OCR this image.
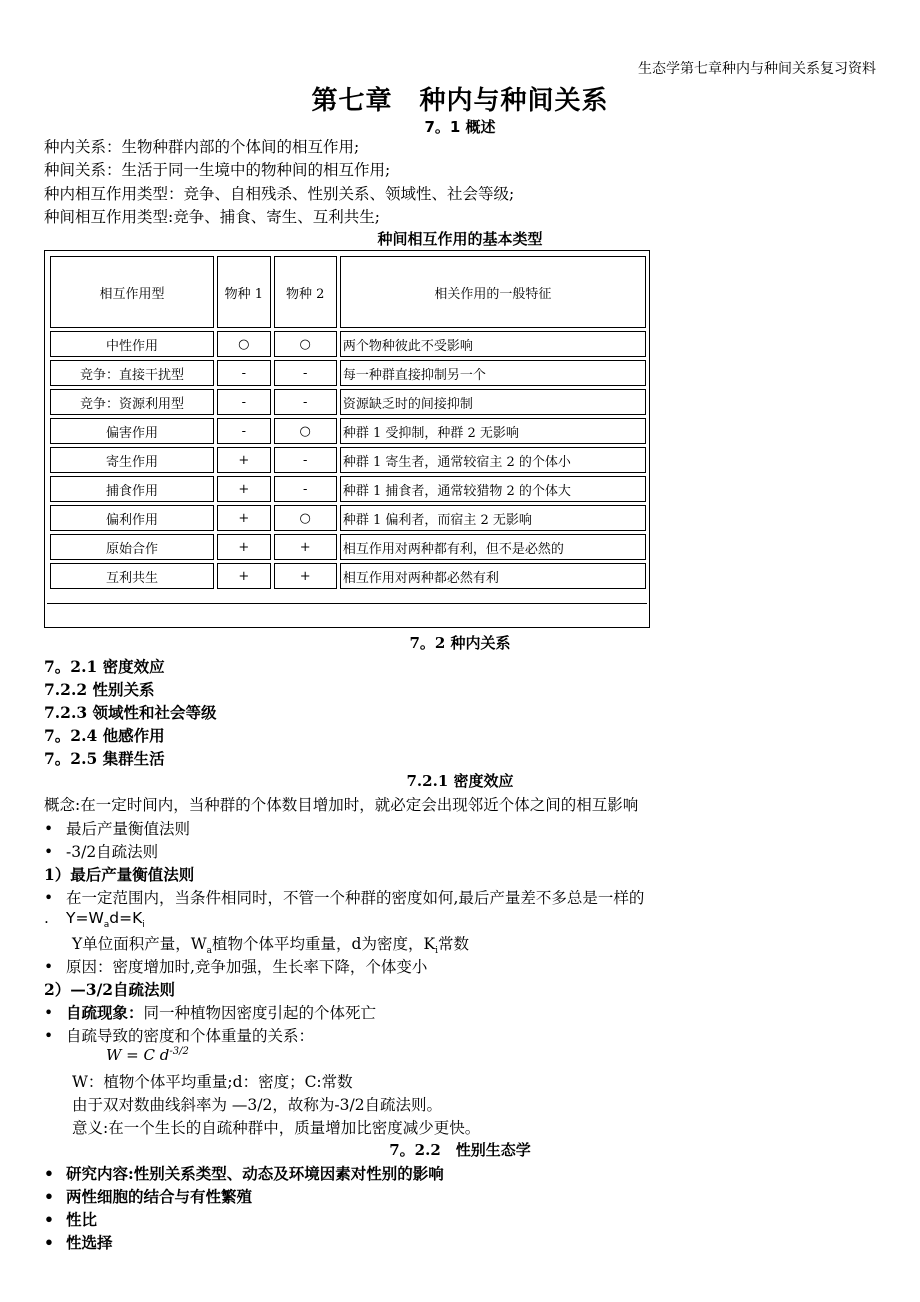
生态学第七章种内与种间关系复习资料
第七章　种内与种间关系
7。1 概述
种内关系：生物种群内部的个体间的相互作用;
种间关系：生活于同一生境中的物种间的相互作用;
种内相互作用类型：竞争、自相残杀、性别关系、领域性、社会等级;
种间相互作用类型:竞争、捕食、寄生、互利共生;
种间相互作用的基本类型
相互作用型	物种 1	物种 2	相关作用的一般特征
中性作用	○	○	两个物种彼此不受影响
竞争：直接干扰型	-	-	每一种群直接抑制另一个
竞争：资源利用型	-	-	资源缺乏时的间接抑制
偏害作用	-	○	种群 1 受抑制，种群 2 无影响
寄生作用	+	-	种群 1 寄生者，通常较宿主 2 的个体小
捕食作用	+	-	种群 1 捕食者，通常较猎物 2 的个体大
偏利作用	+	○	种群 1 偏利者，而宿主 2 无影响
原始合作	+	+	相互作用对两种都有利，但不是必然的
互利共生	+	+	相互作用对两种都必然有利
7。2 种内关系
7。2.1 密度效应
7.2.2 性别关系
7.2.3 领域性和社会等级
7。2.4 他感作用
7。2.5 集群生活
7.2.1 密度效应
概念:在一定时间内，当种群的个体数目增加时，就必定会出现邻近个体之间的相互影响
• 最后产量衡值法则
• -3/2自疏法则
1）最后产量衡值法则
• 在一定范围内，当条件相同时，不管一个种群的密度如何,最后产量差不多总是一样的
. $Y=W_ad=K_i$
Y单位面积产量，$W_a$植物个体平均重量，d为密度，$K_i$常数
• 原因：密度增加时,竞争加强，生长率下降，个体变小
2）—3/2自疏法则
• 自疏现象：同一种植物因密度引起的个体死亡
• 自疏导致的密度和个体重量的关系：
W = C $d^{-3/2}$
W：植物个体平均重量;d：密度；C:常数
由于双对数曲线斜率为 —3/2，故称为-3/2自疏法则。
意义:在一个生长的自疏种群中，质量增加比密度减少更快。
7。2.2　性别生态学
• 研究内容:性别关系类型、动态及环境因素对性别的影响
• 两性细胞的结合与有性繁殖
• 性比
• 性选择
